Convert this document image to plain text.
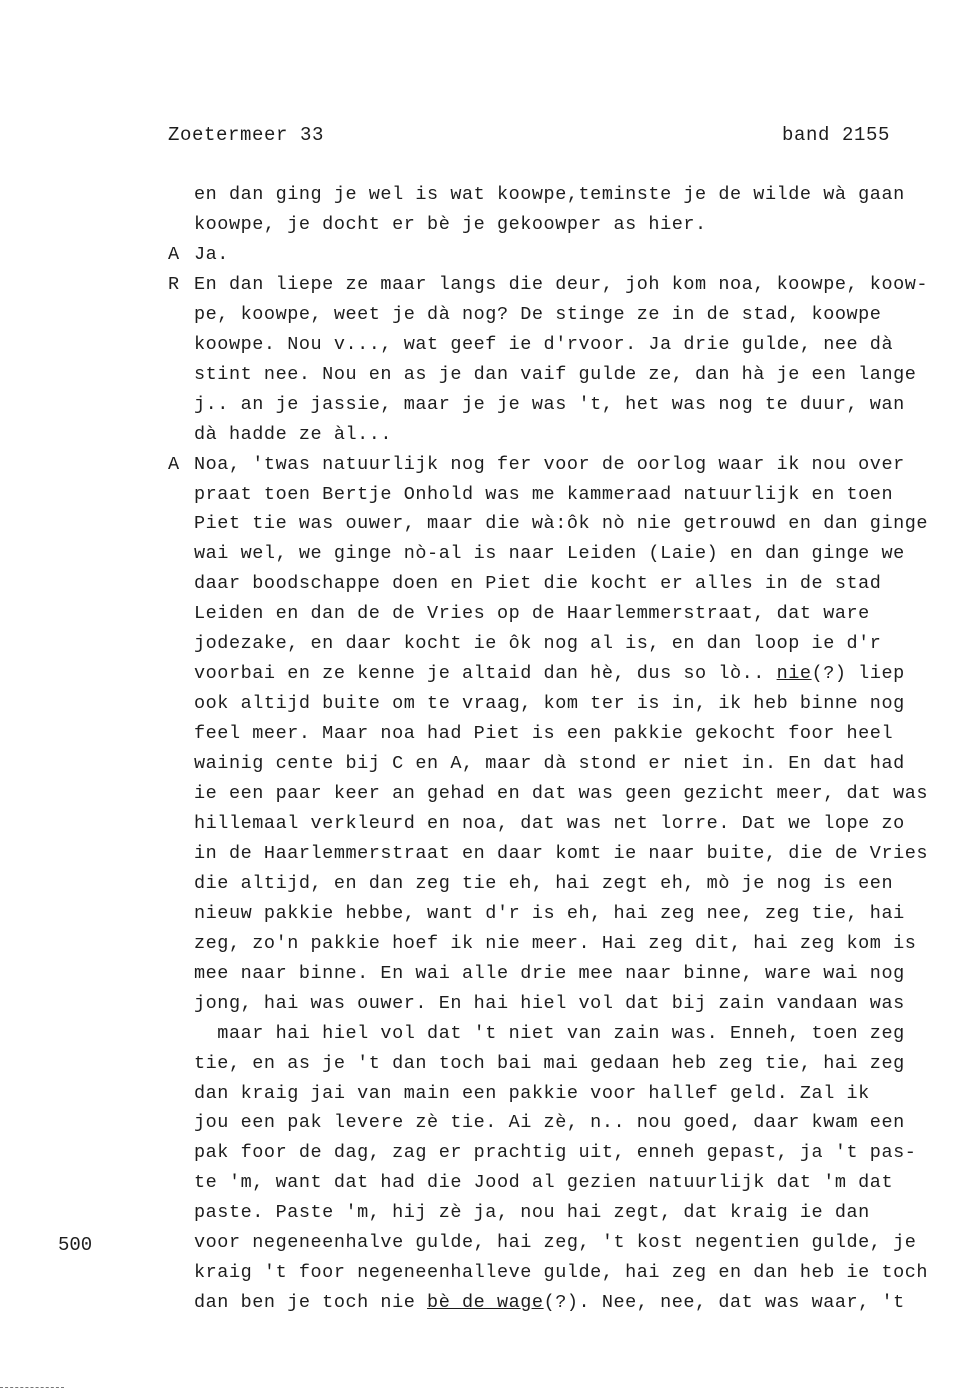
Zoetermeer 33	band 2155
en dan ging je wel is wat koowpe,teminste je de wilde wà gaan
koowpe, je docht er bè je gekoowper as hier.
A Ja.
R En dan liepe ze maar langs die deur, joh kom noa, koowpe, koow-
pe, koowpe, weet je dà nog? De stinge ze in de stad, koowpe
koowpe. Nou v..., wat geef ie d'rvoor. Ja drie gulde, nee dà
stint nee. Nou en as je dan vaif gulde ze, dan hà je een lange
j.. an je jassie, maar je je was 't, het was nog te duur, wan
dà hadde ze àl...
A Noa, 'twas natuurlijk nog fer voor de oorlog waar ik nou over
praat toen Bertje Onhold was me kammeraad natuurlijk en toen
Piet tie was ouwer, maar die wà:ôk nò nie getrouwd en dan ginge
wai wel, we ginge nò-al is naar Leiden (Laie) en dan ginge we
daar boodschappe doen en Piet die kocht er alles in de stad
Leiden en dan de de Vries op de Haarlemmerstraat, dat ware
jodezake, en daar kocht ie ôk nog al is, en dan loop ie d'r
voorbai en ze kenne je altaid dan hè, dus so lò.. nie(?) liep
ook altijd buite om te vraag, kom ter is in, ik heb binne nog
feel meer. Maar noa had Piet is een pakkie gekocht foor heel
wainig cente bij C en A, maar dà stond er niet in. En dat had
ie een paar keer an gehad en dat was geen gezicht meer, dat was
hillemaal verkleurd en noa, dat was net lorre. Dat we lope zo
in de Haarlemmerstraat en daar komt ie naar buite, die de Vries
die altijd, en dan zeg tie eh, hai zegt eh, mò je nog is een
nieuw pakkie hebbe, want d'r is eh, hai zeg nee, zeg tie, hai
zeg, zo'n pakkie hoef ik nie meer. Hai zeg dit, hai zeg kom is
mee naar binne. En wai alle drie mee naar binne, ware wai nog
jong, hai was ouwer. En hai hiel vol dat bij zain vandaan was
maar hai hiel vol dat 't niet van zain was. Enneh, toen zeg
tie, en as je 't dan toch bai mai gedaan heb zeg tie, hai zeg
dan kraig jai van main een pakkie voor hallef geld. Zal ik
jou een pak levere zè tie. Ai zè, n.. nou goed, daar kwam een
pak foor de dag, zag er prachtig uit, enneh gepast, ja 't pas-
te 'm, want dat had die Jood al gezien natuurlijk dat 'm dat
paste. Paste 'm, hij zè ja, nou hai zegt, dat kraig ie dan
voor negeneenhalve gulde, hai zeg, 't kost negentien gulde, je
kraig 't foor negeneenhalleve gulde, hai zeg en dan heb ie toch
dan ben je toch nie bè de wage(?). Nee, nee, dat was waar, 't
500
